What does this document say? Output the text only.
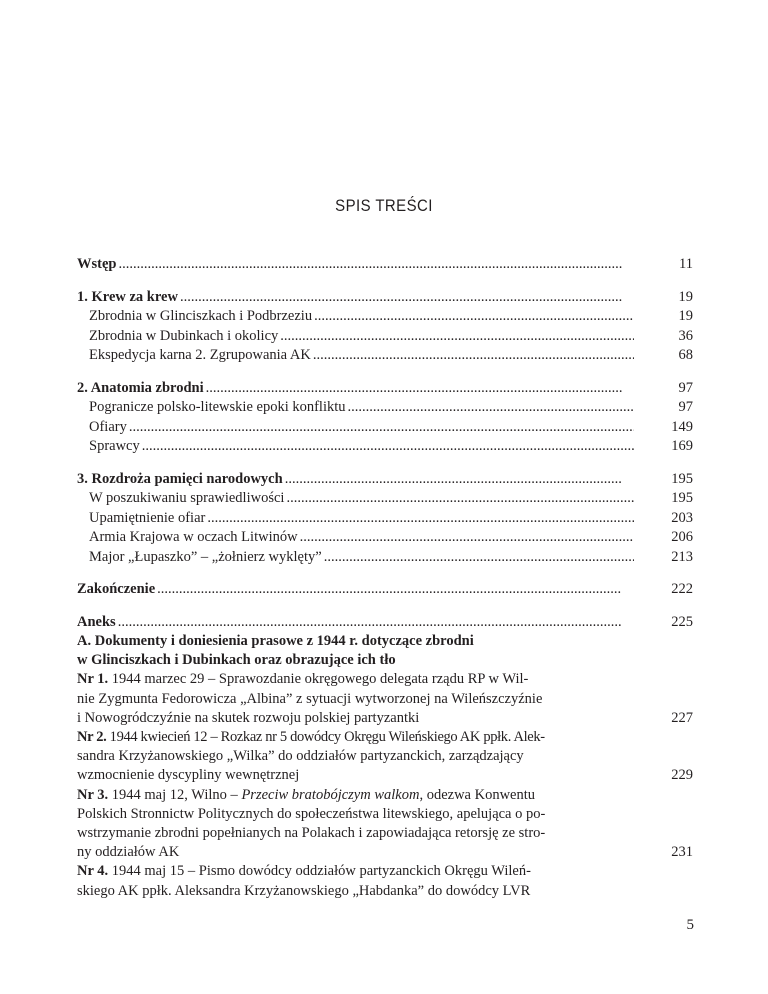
SPIS TREŚCI
Wstęp .....	11
1. Krew za krew .....	19
Zbrodnia w Glinciszkach i Podbrzeziu .....	19
Zbrodnia w Dubinkach i okolicy .....	36
Ekspedycja karna 2. Zgrupowania AK .....	68
2. Anatomia zbrodni .....	97
Pogranicze polsko-litewskie epoki konfliktu .....	97
Ofiary .....	149
Sprawcy .....	169
3. Rozdroża pamięci narodowych .....	195
W poszukiwaniu sprawiedliwości .....	195
Upamiętnienie ofiar .....	203
Armia Krajowa w oczach Litwinów .....	206
Major „Łupaszko” – „żołnierz wyklęty” .....	213
Zakończenie .....	222
Aneks .....	225
A. Dokumenty i doniesienia prasowe z 1944 r. dotyczące zbrodni
w Glinciszkach i Dubinkach oraz obrazujące ich tło
Nr 1. 1944 marzec 29 – Sprawozdanie okręgowego delegata rządu RP w Wil-
nie Zygmunta Fedorowicza „Albina” z sytuacji wytworzonej na Wileńszczyźnie
i Nowogródczyźnie na skutek rozwoju polskiej partyzantki	227
Nr 2. 1944 kwiecień 12 – Rozkaz nr 5 dowódcy Okręgu Wileńskiego AK ppłk. Alek-
sandra Krzyżanowskiego „Wilka” do oddziałów partyzanckich, zarządzający
wzmocnienie dyscypliny wewnętrznej	229
Nr 3. 1944 maj 12, Wilno – Przeciw bratobójczym walkom, odezwa Konwentu
Polskich Stronnictw Politycznych do społeczeństwa litewskiego, apelująca o po-
wstrzymanie zbrodni popełnianych na Polakach i zapowiadająca retorsję ze stro-
ny oddziałów AK	231
Nr 4. 1944 maj 15 – Pismo dowódcy oddziałów partyzanckich Okręgu Wileń-
skiego AK ppłk. Aleksandra Krzyżanowskiego „Habdanka” do dowódcy LVR
5
